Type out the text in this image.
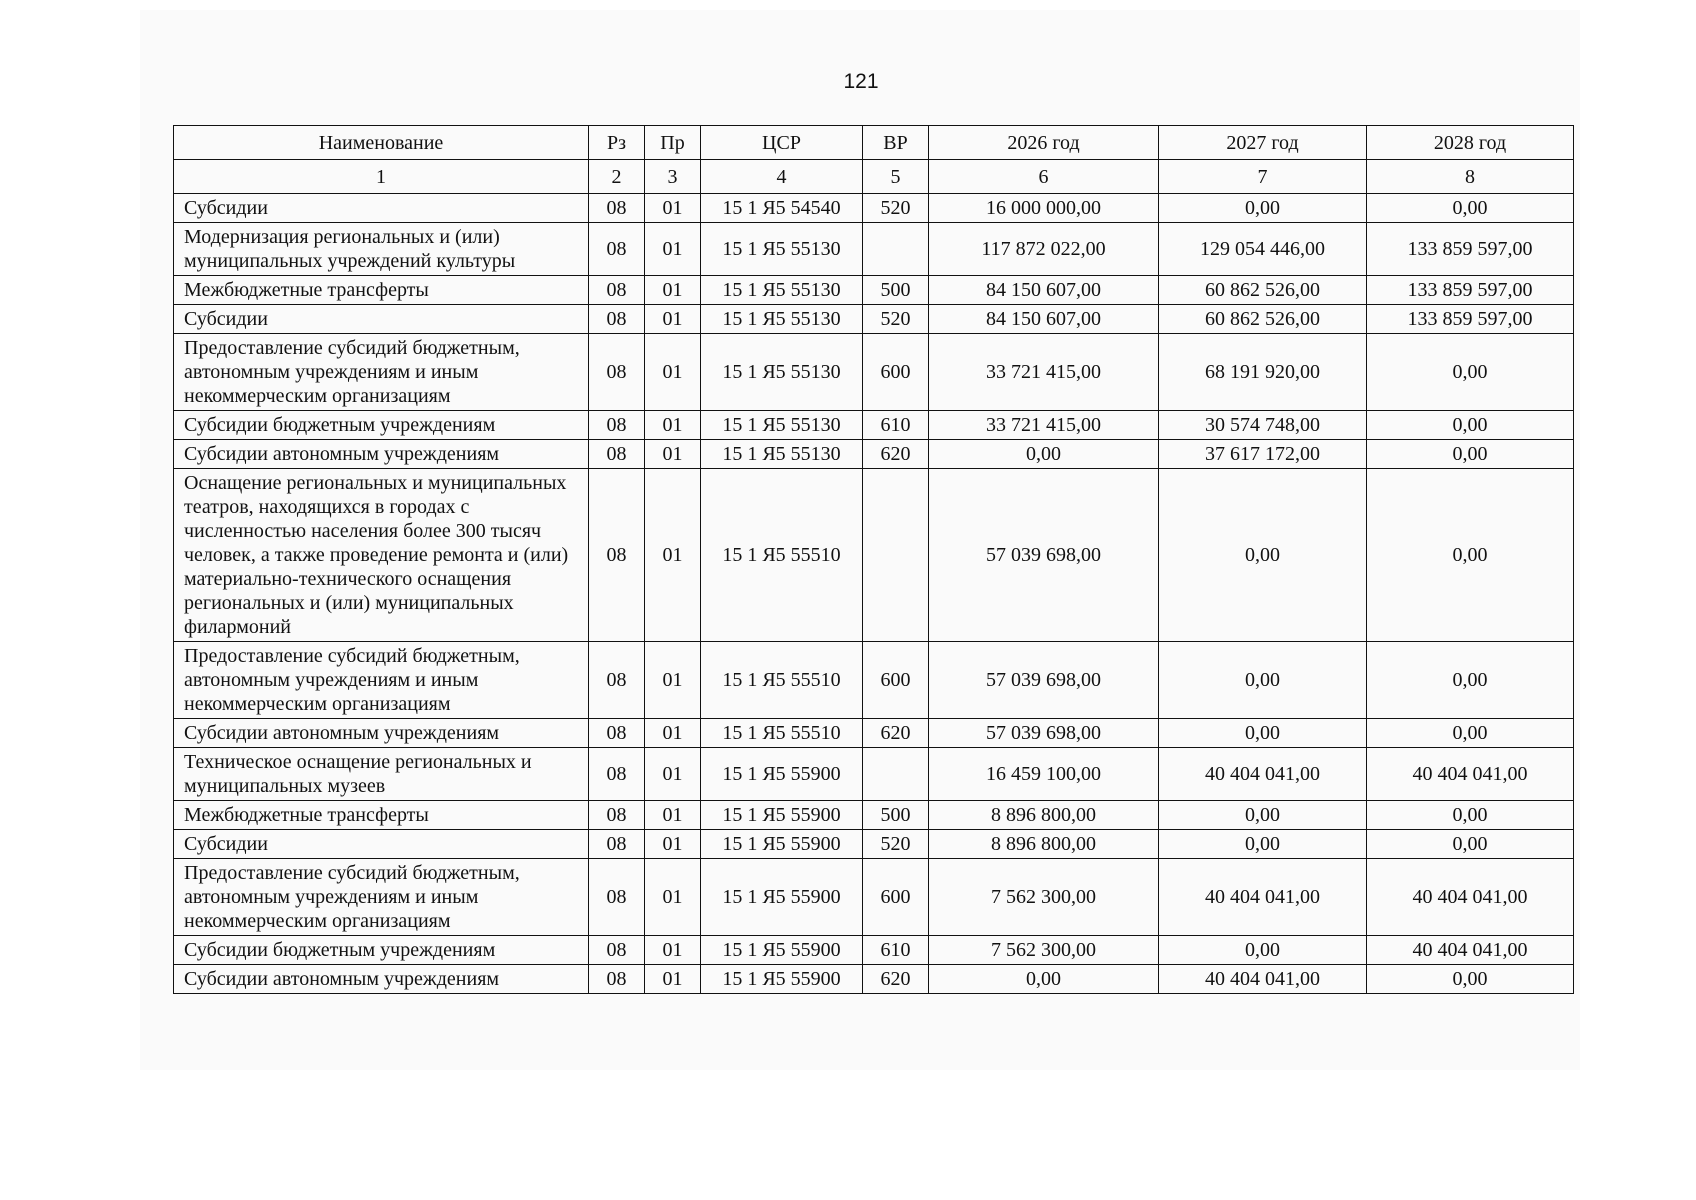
121
Наименование	Рз	Пр	ЦСР	ВР	2026 год	2027 год	2028 год
1	2	3	4	5	6	7	8
Субсидии	08	01	15 1 Я5 54540	520	16 000 000,00	0,00	0,00
Модернизация региональных и (или) муниципальных учреждений культуры	08	01	15 1 Я5 55130		117 872 022,00	129 054 446,00	133 859 597,00
Межбюджетные трансферты	08	01	15 1 Я5 55130	500	84 150 607,00	60 862 526,00	133 859 597,00
Субсидии	08	01	15 1 Я5 55130	520	84 150 607,00	60 862 526,00	133 859 597,00
Предоставление субсидий бюджетным, автономным учреждениям и иным некоммерческим организациям	08	01	15 1 Я5 55130	600	33 721 415,00	68 191 920,00	0,00
Субсидии бюджетным учреждениям	08	01	15 1 Я5 55130	610	33 721 415,00	30 574 748,00	0,00
Субсидии автономным учреждениям	08	01	15 1 Я5 55130	620	0,00	37 617 172,00	0,00
Оснащение региональных и муниципальных театров, находящихся в городах с численностью населения более 300 тысяч человек, а также проведение ремонта и (или) материально-технического оснащения региональных и (или) муниципальных филармоний	08	01	15 1 Я5 55510		57 039 698,00	0,00	0,00
Предоставление субсидий бюджетным, автономным учреждениям и иным некоммерческим организациям	08	01	15 1 Я5 55510	600	57 039 698,00	0,00	0,00
Субсидии автономным учреждениям	08	01	15 1 Я5 55510	620	57 039 698,00	0,00	0,00
Техническое оснащение региональных и муниципальных музеев	08	01	15 1 Я5 55900		16 459 100,00	40 404 041,00	40 404 041,00
Межбюджетные трансферты	08	01	15 1 Я5 55900	500	8 896 800,00	0,00	0,00
Субсидии	08	01	15 1 Я5 55900	520	8 896 800,00	0,00	0,00
Предоставление субсидий бюджетным, автономным учреждениям и иным некоммерческим организациям	08	01	15 1 Я5 55900	600	7 562 300,00	40 404 041,00	40 404 041,00
Субсидии бюджетным учреждениям	08	01	15 1 Я5 55900	610	7 562 300,00	0,00	40 404 041,00
Субсидии автономным учреждениям	08	01	15 1 Я5 55900	620	0,00	40 404 041,00	0,00
